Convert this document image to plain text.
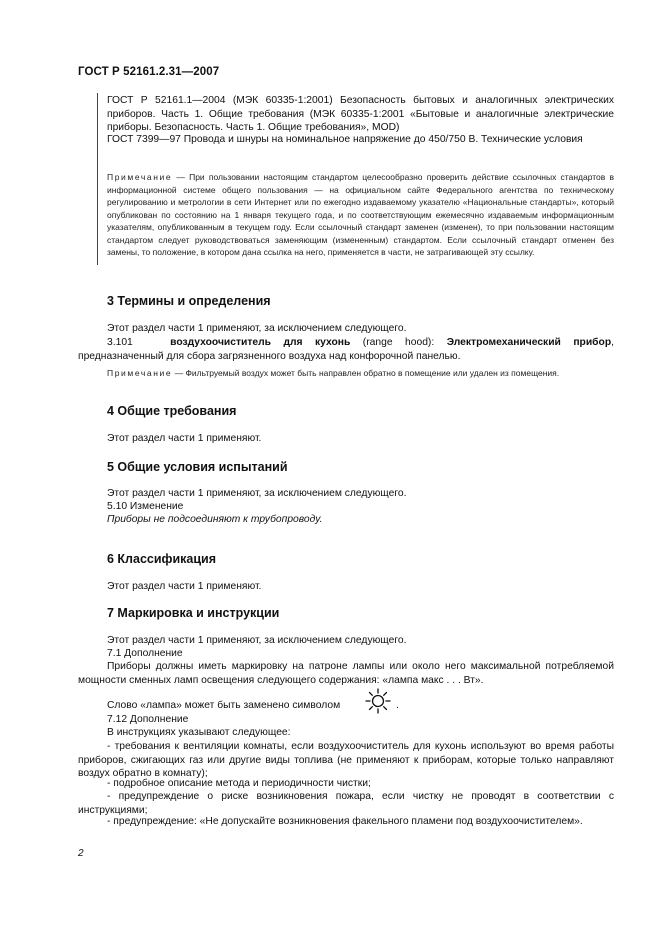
ГОСТ Р 52161.2.31—2007
ГОСТ Р 52161.1—2004 (МЭК 60335-1:2001) Безопасность бытовых и аналогичных электрических приборов. Часть 1. Общие требования (МЭК 60335-1:2001 «Бытовые и аналогичные электрические приборы. Безопасность. Часть 1. Общие требования», MOD)
ГОСТ 7399—97 Провода и шнуры на номинальное напряжение до 450/750 В. Технические условия
Примечание — При пользовании настоящим стандартом целесообразно проверить действие ссылочных стандартов в информационной системе общего пользования — на официальном сайте Федерального агентства по техническому регулированию и метрологии в сети Интернет или по ежегодно издаваемому указателю «Национальные стандарты», который опубликован по состоянию на 1 января текущего года, и по соответствующим ежемесячно издаваемым информационным указателям, опубликованным в текущем году. Если ссылочный стандарт заменен (изменен), то при пользовании настоящим стандартом следует руководствоваться заменяющим (измененным) стандартом. Если ссылочный стандарт отменен без замены, то положение, в котором дана ссылка на него, применяется в части, не затрагивающей эту ссылку.
3 Термины и определения
Этот раздел части 1 применяют, за исключением следующего.
3.101	воздухоочиститель для кухонь (range hood): Электромеханический прибор, предназначенный для сбора загрязненного воздуха над конфорочной панелью.
Примечание — Фильтруемый воздух может быть направлен обратно в помещение или удален из помещения.
4 Общие требования
Этот раздел части 1 применяют.
5 Общие условия испытаний
Этот раздел части 1 применяют, за исключением следующего.
5.10 Изменение
Приборы не подсоединяют к трубопроводу.
6 Классификация
Этот раздел части 1 применяют.
7 Маркировка и инструкции
Этот раздел части 1 применяют, за исключением следующего.
7.1 Дополнение
Приборы должны иметь маркировку на патроне лампы или около него максимальной потребляемой мощности сменных ламп освещения следующего содержания: «лампа макс . . . Вт».
Слово «лампа» может быть заменено символом	.
7.12 Дополнение
В инструкциях указывают следующее:
- требования к вентиляции комнаты, если воздухоочиститель для кухонь используют во время работы приборов, сжигающих газ или другие виды топлива (не применяют к приборам, которые только направляют воздух обратно в комнату);
- подробное описание метода и периодичности чистки;
- предупреждение о риске возникновения пожара, если чистку не проводят в соответствии с инструкциями;
- предупреждение: «Не допускайте возникновения факельного пламени под воздухоочистителем».
2
